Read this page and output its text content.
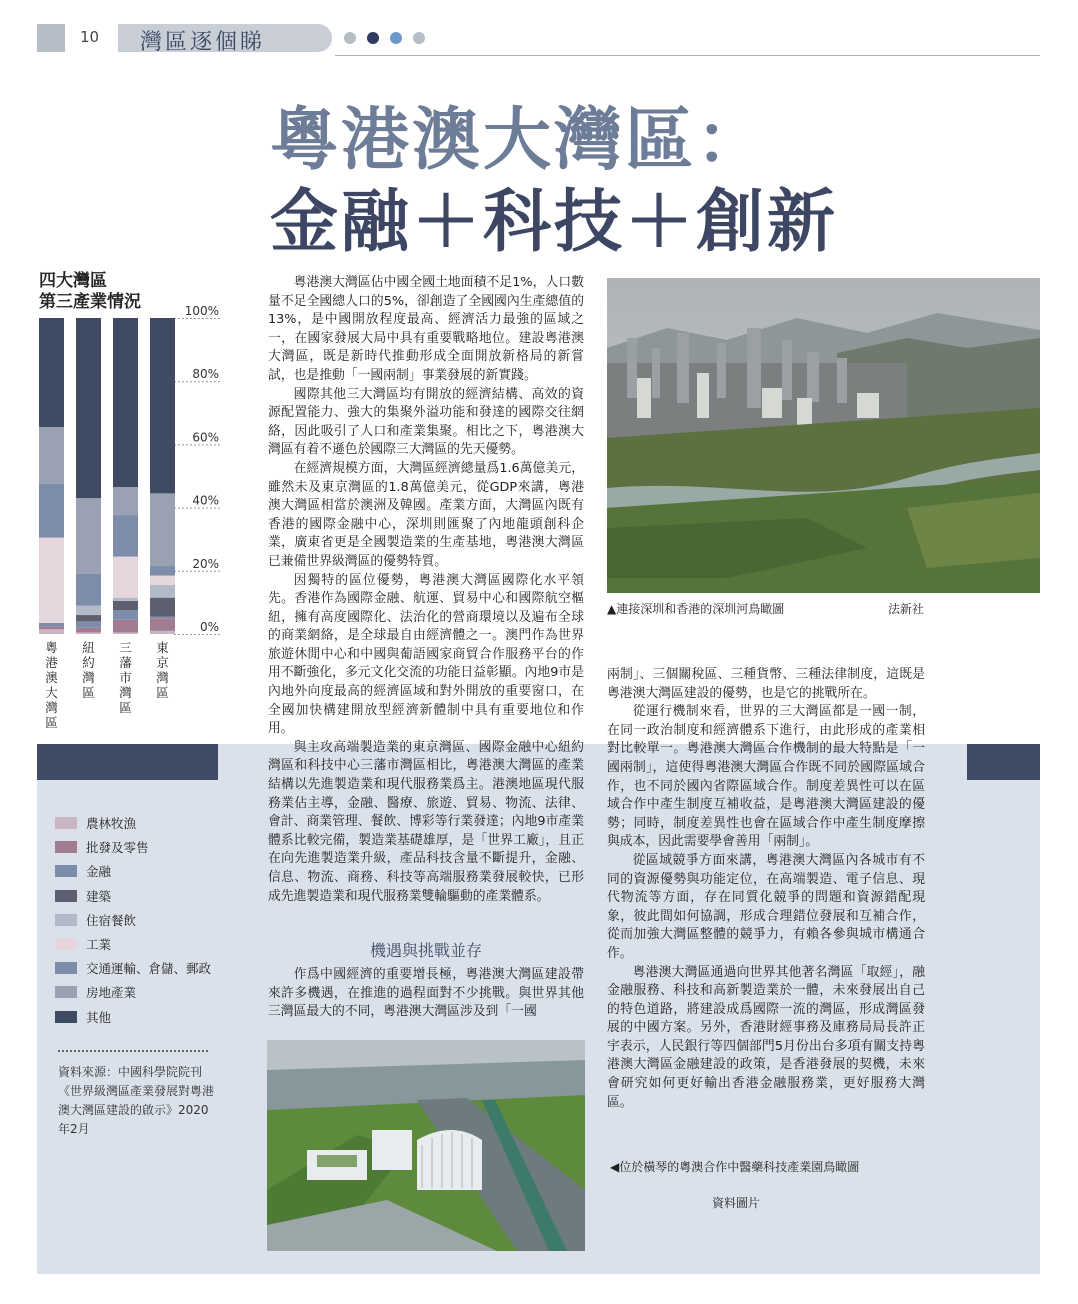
10 灣區逐個睇
粵港澳大灣區：
金融＋科技＋創新
四大灣區
第三產業情況
0%
20%
40%
60%
80%
100%
粵港澳大灣區
紐約灣區
三藩市灣區
東京灣區
農林牧漁
批發及零售
金融
建築
住宿餐飲
工業
交通運輸、倉儲、郵政
房地產業
其他
資料來源：中國科學院院刊《世界級灣區產業發展對粵港澳大灣區建設的啟示》2020年2月

粵港澳大灣區佔中國全國土地面積不足1%，人口數量不足全國總人口的5%，卻創造了全國國內生產總值的13%，是中國開放程度最高、經濟活力最強的區域之一，在國家發展大局中具有重要戰略地位。建設粵港澳大灣區，既是新時代推動形成全面開放新格局的新嘗試，也是推動「一國兩制」事業發展的新實踐。

國際其他三大灣區均有開放的經濟結構、高效的資源配置能力、強大的集聚外溢功能和發達的國際交往網絡，因此吸引了人口和產業集聚。相比之下，粵港澳大灣區有着不遜色於國際三大灣區的先天優勢。

在經濟規模方面，大灣區經濟總量爲1.6萬億美元，雖然未及東京灣區的1.8萬億美元，從GDP來講，粵港澳大灣區相當於澳洲及韓國。產業方面，大灣區內既有香港的國際金融中心，深圳則匯聚了內地龍頭創科企業，廣東省更是全國製造業的生產基地，粵港澳大灣區已兼備世界級灣區的優勢特質。

因獨特的區位優勢，粵港澳大灣區國際化水平領先。香港作為國際金融、航運、貿易中心和國際航空樞紐，擁有高度國際化、法治化的營商環境以及遍布全球的商業網絡，是全球最自由經濟體之一。澳門作為世界旅遊休閒中心和中國與葡語國家商貿合作服務平台的作用不斷強化，多元文化交流的功能日益彰顯。內地9市是內地外向度最高的經濟區域和對外開放的重要窗口，在全國加快構建開放型經濟新體制中具有重要地位和作用。

與主攻高端製造業的東京灣區、國際金融中心紐約灣區和科技中心三藩市灣區相比，粵港澳大灣區的產業結構以先進製造業和現代服務業爲主。港澳地區現代服務業佔主導，金融、醫療、旅遊、貿易、物流、法律、會計、商業管理、餐飲、博彩等行業發達；內地9市產業體系比較完備，製造業基礎雄厚，是「世界工廠」，且正在向先進製造業升級，產品科技含量不斷提升，金融、信息、物流、商務、科技等高端服務業發展較快，已形成先進製造業和現代服務業雙輪驅動的產業體系。

機遇與挑戰並存

作爲中國經濟的重要增長極，粵港澳大灣區建設帶來許多機遇，在推進的過程面對不少挑戰。與世界其他三灣區最大的不同，粵港澳大灣區涉及到「一國

▲連接深圳和香港的深圳河鳥瞰圖	法新社

兩制」、三個關稅區、三種貨幣、三種法律制度，這既是粵港澳大灣區建設的優勢，也是它的挑戰所在。

從運行機制來看，世界的三大灣區都是一國一制，在同一政治制度和經濟體系下進行，由此形成的產業相對比較單一。粵港澳大灣區合作機制的最大特點是「一國兩制」，這使得粵港澳大灣區合作既不同於國際區域合作，也不同於國內省際區域合作。制度差異性可以在區域合作中產生制度互補收益，是粵港澳大灣區建設的優勢；同時，制度差異性也會在區域合作中產生制度摩擦與成本，因此需要學會善用「兩制」。

從區域競爭方面來講，粵港澳大灣區內各城市有不同的資源優勢與功能定位，在高端製造、電子信息、現代物流等方面，存在同質化競爭的問題和資源錯配現象，彼此間如何協調，形成合理錯位發展和互補合作，從而加強大灣區整體的競爭力，有賴各參與城市構通合作。

粵港澳大灣區通過向世界其他著名灣區「取經」，融金融服務、科技和高新製造業於一體，未來發展出自己的特色道路，將建設成爲國際一流的灣區，形成灣區發展的中國方案。另外，香港財經事務及庫務局局長許正宇表示，人民銀行等四個部門5月份出台多項有關支持粵港澳大灣區金融建設的政策，是香港發展的契機，未來會研究如何更好輸出香港金融服務業，更好服務大灣區。

◀位於橫琴的粵澳合作中醫藥科技產業園鳥瞰圖
資料圖片
